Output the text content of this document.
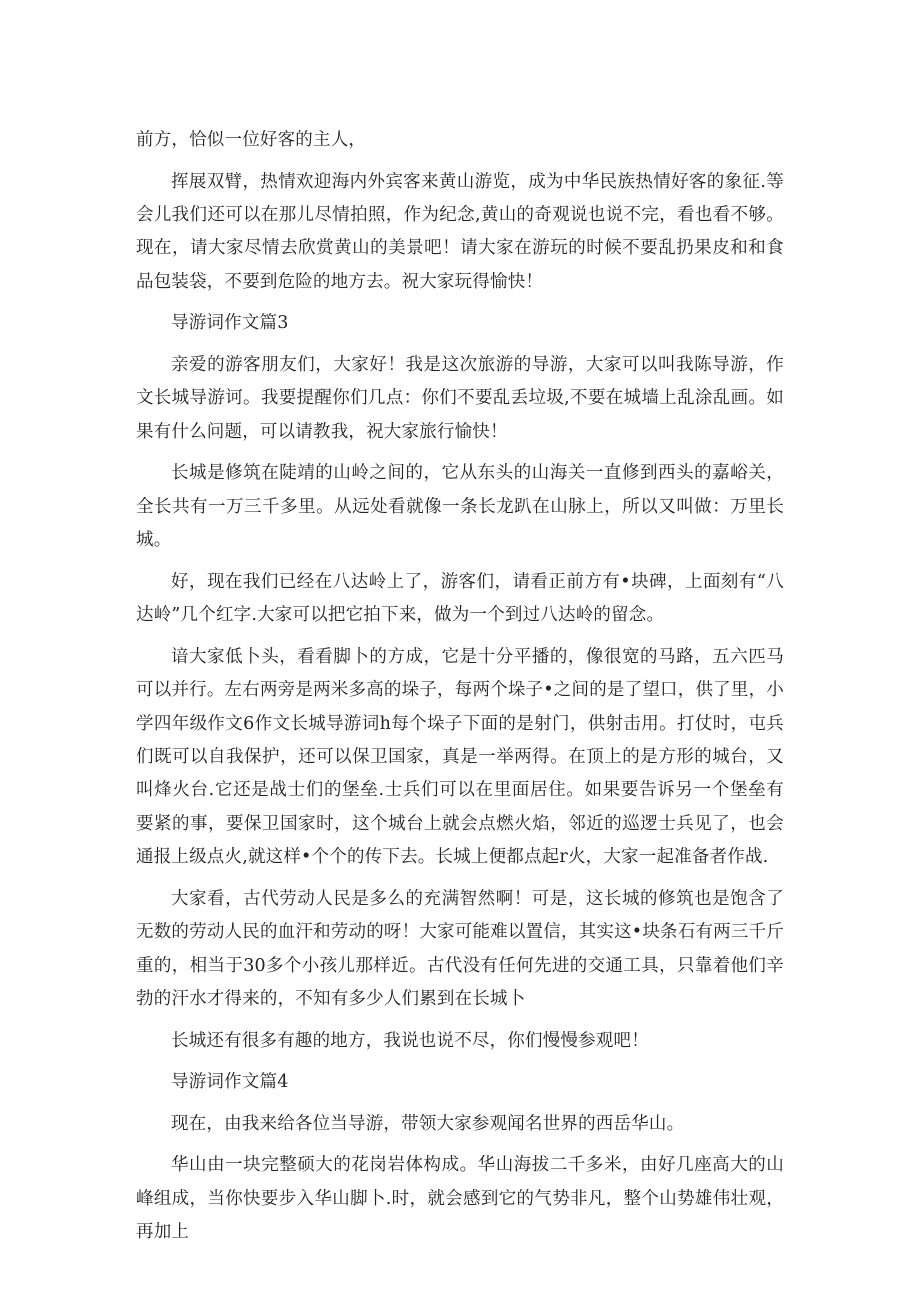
前方，恰似一位好客的主人，

挥展双臂，热情欢迎海内外宾客来黄山游览，成为中华民族热情好客的象征.等会儿我们还可以在那儿尽情拍照，作为纪念,黄山的奇观说也说不完，看也看不够。现在，请大家尽情去欣赏黄山的美景吧！请大家在游玩的时候不要乱扔果皮和和食品包装袋，不要到危险的地方去。祝大家玩得愉快！

导游词作文篇3

亲爱的游客朋友们，大家好！我是这次旅游的导游，大家可以叫我陈导游，作文长城导游诃。我要提醒你们几点：你们不要乱丢垃圾,不要在城墙上乱涂乱画。如果有什么问题，可以请教我，祝大家旅行愉快！

长城是修筑在陡靖的山岭之间的，它从东头的山海关一直修到西头的嘉峪关，全长共有一万三千多里。从远处看就像一条长龙趴在山脉上，所以又叫做：万里长城。

好，现在我们已经在八达岭上了，游客们，请看正前方有•块碑，上面刻有“八达岭”几个红字.大家可以把它拍下来，做为一个到过八达岭的留念。

谙大家低卜头，看看脚卜的方成，它是十分平播的，像很宽的马路，五六匹马可以并行。左右两旁是两米多高的垛子，每两个垛子•之间的是了望口，供了里，小学四年级作文6作文长城导游词h每个垛子下面的是射门，供射击用。打仗时，屯兵们既可以自我保护，还可以保卫国家，真是一举两得。在顶上的是方形的城台，又叫烽火台.它还是战士们的堡垒.士兵们可以在里面居住。如果要告诉另一个堡垒有要紧的事，要保卫国家时，这个城台上就会点燃火焰，邻近的巡逻士兵见了，也会通报上级点火,就这样•个个的传下去。长城上便都点起r火，大家一起准备者作战.

大家看，古代劳动人民是多么的充满智然啊！可是，这长城的修筑也是饱含了无数的劳动人民的血汗和劳动的呀！大家可能难以置信，其实这•块条石有两三千斤重的，相当于30多个小孩儿那样近。古代没有任何先进的交通工具，只靠着他们辛勃的汗水才得来的，不知有多少人们累到在长城卜

长城还有很多有趣的地方，我说也说不尽，你们慢慢参观吧！

导游词作文篇4

现在，由我来给各位当导游，带领大家参观闻名世界的西岳华山。

华山由一块完整硕大的花岗岩体构成。华山海拔二千多米，由好几座高大的山峰组成，当你快要步入华山脚卜.时，就会感到它的气势非凡，整个山势雄伟壮观，再加上
